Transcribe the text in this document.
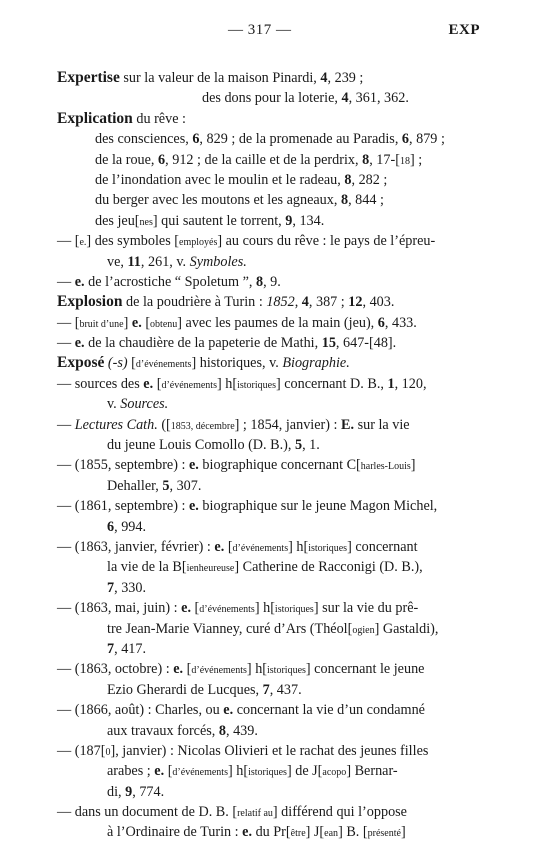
— 317 —	EXP
Expertise sur la valeur de la maison Pinardi, 4, 239 ;
des dons pour la loterie, 4, 361, 362.
Explication du rêve :
des consciences, 6, 829 ; de la promenade au Paradis, 6, 879 ;
de la roue, 6, 912 ; de la caille et de la perdrix, 8, 17-[18] ;
de l’inondation avec le moulin et le radeau, 8, 282 ;
du berger avec les moutons et les agneaux, 8, 844 ;
des jeu[nes] qui sautent le torrent, 9, 134.
— [e.] des symboles [employés] au cours du rêve : le pays de l’épreu-
ve, 11, 261, v. Symboles.
— e. de l’acrostiche “ Spoletum ”, 8, 9.
Explosion de la poudrière à Turin : 1852, 4, 387 ; 12, 403.
— [bruit d’une] e. [obtenu] avec les paumes de la main (jeu), 6, 433.
— e. de la chaudière de la papeterie de Mathi, 15, 647-[48].
Exposé (-s) [d’événements] historiques, v. Biographie.
— sources des e. [d’événements] h[istoriques] concernant D. B., 1, 120,
v. Sources.
— Lectures Cath. ([1853, décembre] ; 1854, janvier) : E. sur la vie
du jeune Louis Comollo (D. B.), 5, 1.
— (1855, septembre) : e. biographique concernant C[harles-Louis]
Dehaller, 5, 307.
— (1861, septembre) : e. biographique sur le jeune Magon Michel,
6, 994.
— (1863, janvier, février) : e. [d’événements] h[istoriques] concernant
la vie de la B[ienheureuse] Catherine de Racconigi (D. B.),
7, 330.
— (1863, mai, juin) : e. [d’événements] h[istoriques] sur la vie du prê-
tre Jean-Marie Vianney, curé d’Ars (Théol[ogien] Gastaldi),
7, 417.
— (1863, octobre) : e. [d’événements] h[istoriques] concernant le jeune
Ezio Gherardi de Lucques, 7, 437.
— (1866, août) : Charles, ou e. concernant la vie d’un condamné
aux travaux forcés, 8, 439.
— (187[0], janvier) : Nicolas Olivieri et le rachat des jeunes filles
arabes ; e. [d’événements] h[istoriques] de J[acopo] Bernar-
di, 9, 774.
— dans un document de D. B. [relatif au] différend qui l’oppose
à l’Ordinaire de Turin : e. du Pr[être] J[ean] B. [présenté]
